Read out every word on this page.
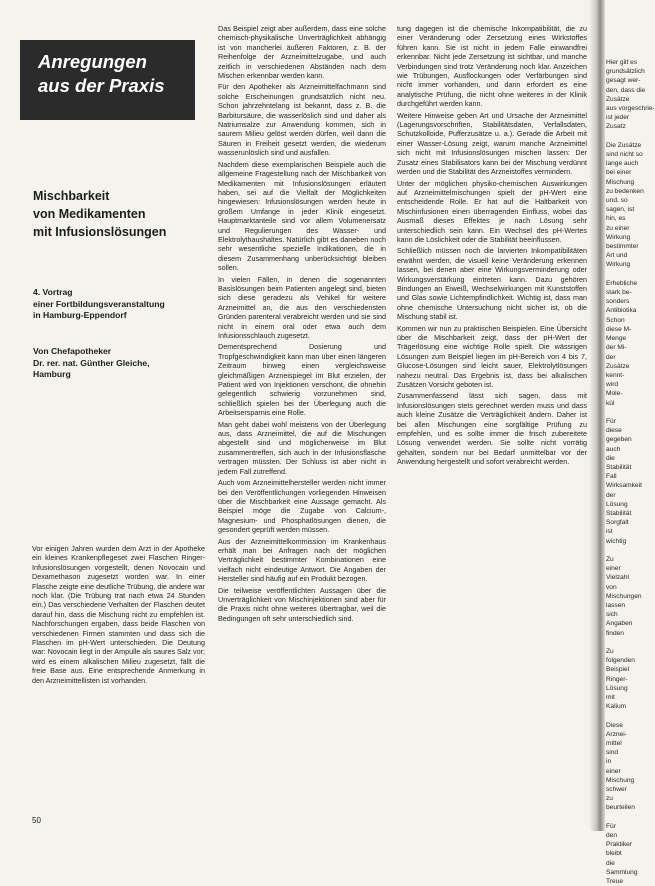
Anregungen
aus der Praxis
Mischbarkeit
von Medikamenten
mit Infusionslösungen
4. Vortrag
einer Fortbildungsveranstaltung
in Hamburg-Eppendorf
Von Chefapotheker
Dr. rer. nat. Günther Gleiche,
Hamburg

Vor einigen Jahren wurden dem Arzt in der Apotheke ein kleines Krankenpflegeset zwei Flaschen Ringer-Infusionslösungen vorgestellt, denen Novocain und Dexamethason zugesetzt worden war. In einer Flasche zeigte eine deutliche Trübung, die andere war noch klar. (Die Trübung trat nach etwa 24 Stunden ein.) Das verschiedene Verhalten der Flaschen deutet darauf hin, dass die Mischung nicht zu empfehlen ist. Nachforschungen ergaben, dass beide Flaschen von verschiedenen Firmen stammten und dass sich die Flaschen im pH-Wert unterschieden. Die Deutung war: Novocain liegt in der Ampulle als saures Salz vor; wird es einem alkalischen Milieu zugesetzt, fällt die freie Base aus. Eine entsprechende Anmerkung in den Arzneimittellisten ist vorhanden.

Das Beispiel zeigt aber außerdem, dass eine solche chemisch-physikalische Unverträglichkeit abhängig ist von mancherlei äußeren Faktoren, z. B. der Reihenfolge der Arzneimittelzugabe, und auch zeitlich in verschiedenen Abständen nach dem Mischen erkennbar werden kann.

Für den Apotheker als Arzneimittelfachmann sind solche Erscheinungen grundsätzlich nicht neu. Schon jahrzehntelang ist bekannt, dass z. B. die Barbitursäure, die wasserlöslich sind und daher als Natriumsalze zur Anwendung kommen, sich in saurem Milieu gelöst werden dürfen, weil dann die Säuren in Freiheit gesetzt werden, die wiederum wasserunlöslich sind und ausfallen.

Nachdem diese exemplarischen Beispiele auch die allgemeine Fragestellung nach der Mischbarkeit von Medikamenten mit Infusionslösungen erläutert haben, sei auf die Vielfalt der Möglichkeiten hingewiesen: Infusionslösungen werden heute in großem Umfange in jeder Klinik eingesetzt. Hauptmarktanteile sind vor allem Volumenersatz und Regulierungen des Wasser- und Elektrolythaushaltes. Natürlich gibt es daneben noch sehr wesentliche spezielle Indikationen, die in diesem Zusammenhang unberücksichtigt bleiben sollen.

In vielen Fällen, in denen die sogenannten Basislösungen beim Patienten angelegt sind, bieten sich diese geradezu als Vehikel für weitere Arzneimittel an, die aus den verschiedensten Gründen parenteral verabreicht werden und sie sind nicht in einem oral oder etwa auch dem Infusionsschlauch zugesetzt.

Dementsprechend Dosierung und Tropfgeschwindigkeit kann man über einen längeren Zeitraum hinweg einen vergleichsweise gleichmäßigen Arzneispiegel im Blut erzielen, der Patient wird von Injektionen verschont, die ohnehin gelegentlich schwierig vorzunehmen sind, schließlich spielen bei der Überlegung auch die Arbeitsersparnis eine Rolle.

Man geht dabei wohl meistens von der Überlegung aus, dass Arzneimittel, die auf die Mischungen abgestellt sind und möglicherweise im Blut zusammentreffen, sich auch in der Infusionsflasche vertragen müssten. Der Schluss ist aber nicht in jedem Fall zutreffend.

Auch vom Arzneimittelhersteller werden nicht immer bei den Veröffentlichungen vorliegenden Hinweisen über die Mischbarkeit eine Aussage gemacht. Als Beispiel möge die Zugabe von Calcium-, Magnesium- und Phosphatlösungen dienen, die gesondert geprüft werden müssen.

Aus der Arzneimittelkommission im Krankenhaus erhält man bei Anfragen nach der möglichen Verträglichkeit bestimmter Kombinationen eine vielfach nicht eindeutige Antwort. Die Angaben der Hersteller sind häufig auf ein Produkt bezogen.

Die teilweise veröffentlichten Aussagen über die Unverträglichkeit von Mischinjektionen sind aber für die Praxis nicht ohne weiteres übertragbar, weil die Bedingungen oft sehr unterschiedlich sind.

tung dagegen ist die chemische Inkompatibilität, die zu einer Veränderung oder Zersetzung eines Wirkstoffes führen kann. Sie ist nicht in jedem Falle einwandfrei erkennbar. Nicht jede Zersetzung ist sichtbar, und manche Verbindungen sind trotz Veränderung noch klar. Anzeichen wie Trübungen, Ausflockungen oder Verfärbungen sind nicht immer vorhanden, und dann erfordert es eine analytische Prüfung, die nicht ohne weiteres in der Klinik durchgeführt werden kann.

Weitere Hinweise geben Art und Ursache der Arzneimittel (Lagerungsvorschriften, Stabilitätsdaten, Verfallsdaten, Schutzkolloide, Pufferzusätze u. a.). Gerade die Arbeit mit einer Wasser-Lösung zeigt, warum manche Arzneimittel sich nicht mit Infusionslösungen mischen lassen: Der Zusatz eines Stabilisators kann bei der Mischung verdünnt werden und die Stabilität des Arzneistoffes vermindern.

Unter der möglichen physiko-chemischen Auswirkungen auf Arzneimittelmischungen spielt der pH-Wert eine entscheidende Rolle. Er hat auf die Haltbarkeit von Mischinfusionen einen überragenden Einfluss, wobei das Ausmaß dieses Effektes je nach Lösung sehr unterschiedlich sein kann. Ein Wechsel des pH-Wertes kann die Löslichkeit oder die Stabilität beeinflussen.

Schließlich müssen noch die larvierten Inkompatibilitäten erwähnt werden, die visuell keine Veränderung erkennen lassen, bei denen aber eine Wirkungsverminderung oder Wirkungsverstärkung eintreten kann. Dazu gehören Bindungen an Eiweiß, Wechselwirkungen mit Kunststoffen und Glas sowie Lichtempfindlichkeit. Wichtig ist, dass man ohne chemische Untersuchung nicht sicher ist, ob die Mischung stabil ist.

Kommen wir nun zu praktischen Beispielen. Eine Übersicht über die Mischbarkeit zeigt, dass der pH-Wert der Trägerlösung eine wichtige Rolle spielt. Die wässrigen Lösungen zum Beispiel liegen im pH-Bereich von 4 bis 7, Glucose-Lösungen sind leicht sauer, Elektrolytlösungen nahezu neutral. Das Ergebnis ist, dass bei alkalischen Zusätzen Vorsicht geboten ist.

Zusammenfassend lässt sich sagen, dass mit Infusionslösungen stets gerechnet werden muss und dass auch kleine Zusätze die Verträglichkeit ändern. Daher ist bei allen Mischungen eine sorgfältige Prüfung zu empfehlen, und es sollte immer die frisch zubereitete Lösung verwendet werden. Sie sollte nicht vorrätig gehalten, sondern nur bei Bedarf unmittelbar vor der Anwendung hergestellt und sofort verabreicht werden.

Hier gilt es

grundsätzlich

gesagt wer-

den, dass die

Zusätze

aus vorgeschrie-

ist jeder

Zusatz

Die Zusätze

sind nicht so

lange auch

bei einer

Mischung

zu bedenken

und, so

sagen, ist

hin, es

zu einer

Wirkung

bestimmter

Art und

Wirkung

Erhebliche

stark be-

sonders

Antibiotika

Schon

diese M-

Menge

der Mi-

der

Zusätze

kennt-

wird

Mole-

kül

Für

diese

gegeben

auch

die

Stabilität

Fall

Wirksamkeit

der

Lösung

Stabilität

Sorgfalt

ist

wichtig

Zu

einer

Vielzahl

von

Mischungen

lassen

sich

Angaben

finden

Zu

folgenden

Beispiel

Ringer-

Lösung

mit

Kalium

Diese

Arznei-

mittel

sind

in

einer

Mischung

schwer

zu

beurteilen

Für

den

Praktiker

bleibt

die

Sammlung

Treue

50
